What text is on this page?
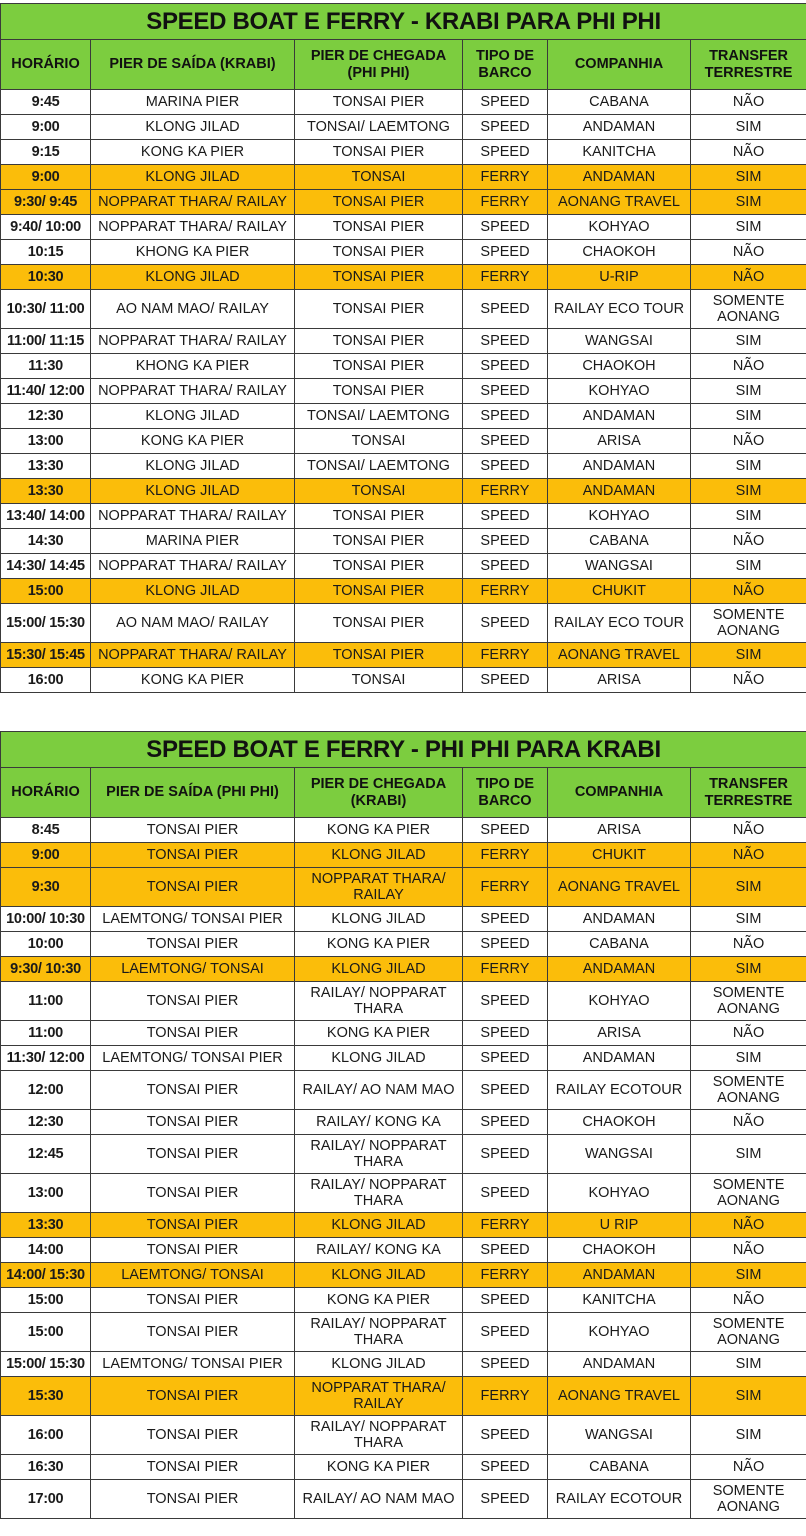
SPEED BOAT E FERRY - KRABI PARA PHI PHI					
HORÁRIO	PIER DE SAÍDA (KRABI)	PIER DE CHEGADA (PHI PHI)	TIPO DE BARCO	COMPANHIA	TRANSFER TERRESTRE
9:45	MARINA PIER	TONSAI PIER	SPEED	CABANA	NÃO
9:00	KLONG JILAD	TONSAI/ LAEMTONG	SPEED	ANDAMAN	SIM
9:15	KONG KA PIER	TONSAI PIER	SPEED	KANITCHA	NÃO
9:00	KLONG JILAD	TONSAI	FERRY	ANDAMAN	SIM
9:30/ 9:45	NOPPARAT THARA/ RAILAY	TONSAI PIER	FERRY	AONANG TRAVEL	SIM
9:40/ 10:00	NOPPARAT THARA/ RAILAY	TONSAI PIER	SPEED	KOHYAO	SIM
10:15	KHONG KA PIER	TONSAI PIER	SPEED	CHAOKOH	NÃO
10:30	KLONG JILAD	TONSAI PIER	FERRY	U-RIP	NÃO
10:30/ 11:00	AO NAM MAO/ RAILAY	TONSAI PIER	SPEED	RAILAY ECO TOUR	SOMENTE AONANG
11:00/ 11:15	NOPPARAT THARA/ RAILAY	TONSAI PIER	SPEED	WANGSAI	SIM
11:30	KHONG KA PIER	TONSAI PIER	SPEED	CHAOKOH	NÃO
11:40/ 12:00	NOPPARAT THARA/ RAILAY	TONSAI PIER	SPEED	KOHYAO	SIM
12:30	KLONG JILAD	TONSAI/ LAEMTONG	SPEED	ANDAMAN	SIM
13:00	KONG KA PIER	TONSAI	SPEED	ARISA	NÃO
13:30	KLONG JILAD	TONSAI/ LAEMTONG	SPEED	ANDAMAN	SIM
13:30	KLONG JILAD	TONSAI	FERRY	ANDAMAN	SIM
13:40/ 14:00	NOPPARAT THARA/ RAILAY	TONSAI PIER	SPEED	KOHYAO	SIM
14:30	MARINA PIER	TONSAI PIER	SPEED	CABANA	NÃO
14:30/ 14:45	NOPPARAT THARA/ RAILAY	TONSAI PIER	SPEED	WANGSAI	SIM
15:00	KLONG JILAD	TONSAI PIER	FERRY	CHUKIT	NÃO
15:00/ 15:30	AO NAM MAO/ RAILAY	TONSAI PIER	SPEED	RAILAY ECO TOUR	SOMENTE AONANG
15:30/ 15:45	NOPPARAT THARA/ RAILAY	TONSAI PIER	FERRY	AONANG TRAVEL	SIM
16:00	KONG KA PIER	TONSAI	SPEED	ARISA	NÃO
SPEED BOAT E FERRY - PHI PHI PARA KRABI					
HORÁRIO	PIER DE SAÍDA (PHI PHI)	PIER DE CHEGADA (KRABI)	TIPO DE BARCO	COMPANHIA	TRANSFER TERRESTRE
8:45	TONSAI PIER	KONG KA PIER	SPEED	ARISA	NÃO
9:00	TONSAI PIER	KLONG JILAD	FERRY	CHUKIT	NÃO
9:30	TONSAI PIER	NOPPARAT THARA/ RAILAY	FERRY	AONANG TRAVEL	SIM
10:00/ 10:30	LAEMTONG/ TONSAI PIER	KLONG JILAD	SPEED	ANDAMAN	SIM
10:00	TONSAI PIER	KONG KA PIER	SPEED	CABANA	NÃO
9:30/ 10:30	LAEMTONG/ TONSAI	KLONG JILAD	FERRY	ANDAMAN	SIM
11:00	TONSAI PIER	RAILAY/ NOPPARAT THARA	SPEED	KOHYAO	SOMENTE AONANG
11:00	TONSAI PIER	KONG KA PIER	SPEED	ARISA	NÃO
11:30/ 12:00	LAEMTONG/ TONSAI PIER	KLONG JILAD	SPEED	ANDAMAN	SIM
12:00	TONSAI PIER	RAILAY/ AO NAM MAO	SPEED	RAILAY ECOTOUR	SOMENTE AONANG
12:30	TONSAI PIER	RAILAY/ KONG KA	SPEED	CHAOKOH	NÃO
12:45	TONSAI PIER	RAILAY/ NOPPARAT THARA	SPEED	WANGSAI	SIM
13:00	TONSAI PIER	RAILAY/ NOPPARAT THARA	SPEED	KOHYAO	SOMENTE AONANG
13:30	TONSAI PIER	KLONG JILAD	FERRY	U RIP	NÃO
14:00	TONSAI PIER	RAILAY/ KONG KA	SPEED	CHAOKOH	NÃO
14:00/ 15:30	LAEMTONG/ TONSAI	KLONG JILAD	FERRY	ANDAMAN	SIM
15:00	TONSAI PIER	KONG KA PIER	SPEED	KANITCHA	NÃO
15:00	TONSAI PIER	RAILAY/ NOPPARAT THARA	SPEED	KOHYAO	SOMENTE AONANG
15:00/ 15:30	LAEMTONG/ TONSAI PIER	KLONG JILAD	SPEED	ANDAMAN	SIM
15:30	TONSAI PIER	NOPPARAT THARA/ RAILAY	FERRY	AONANG TRAVEL	SIM
16:00	TONSAI PIER	RAILAY/ NOPPARAT THARA	SPEED	WANGSAI	SIM
16:30	TONSAI PIER	KONG KA PIER	SPEED	CABANA	NÃO
17:00	TONSAI PIER	RAILAY/ AO NAM MAO	SPEED	RAILAY ECOTOUR	SOMENTE AONANG
